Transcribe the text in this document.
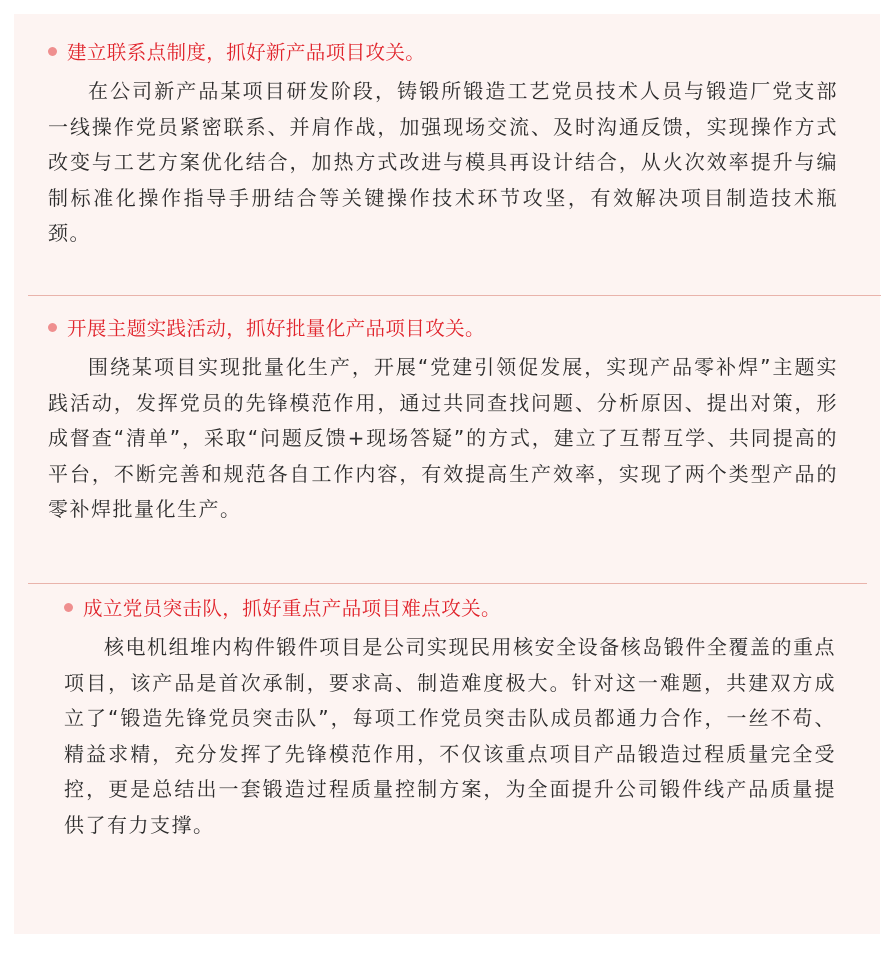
建立联系点制度，抓好新产品项目攻关。

在公司新产品某项目研发阶段，铸锻所锻造工艺党员技术人员与锻造厂党支部一线操作党员紧密联系、并肩作战，加强现场交流、及时沟通反馈，实现操作方式改变与工艺方案优化结合，加热方式改进与模具再设计结合，从火次效率提升与编制标准化操作指导手册结合等关键操作技术环节攻坚，有效解决项目制造技术瓶颈。

开展主题实践活动，抓好批量化产品项目攻关。

围绕某项目实现批量化生产，开展“党建引领促发展，实现产品零补焊”主题实践活动，发挥党员的先锋模范作用，通过共同查找问题、分析原因、提出对策，形成督查“清单”，采取“问题反馈+现场答疑”的方式，建立了互帮互学、共同提高的平台，不断完善和规范各自工作内容，有效提高生产效率，实现了两个类型产品的零补焊批量化生产。

成立党员突击队，抓好重点产品项目难点攻关。

核电机组堆内构件锻件项目是公司实现民用核安全设备核岛锻件全覆盖的重点项目，该产品是首次承制，要求高、制造难度极大。针对这一难题，共建双方成立了“锻造先锋党员突击队”，每项工作党员突击队成员都通力合作，一丝不苟、精益求精，充分发挥了先锋模范作用，不仅该重点项目产品锻造过程质量完全受控，更是总结出一套锻造过程质量控制方案，为全面提升公司锻件线产品质量提供了有力支撑。
